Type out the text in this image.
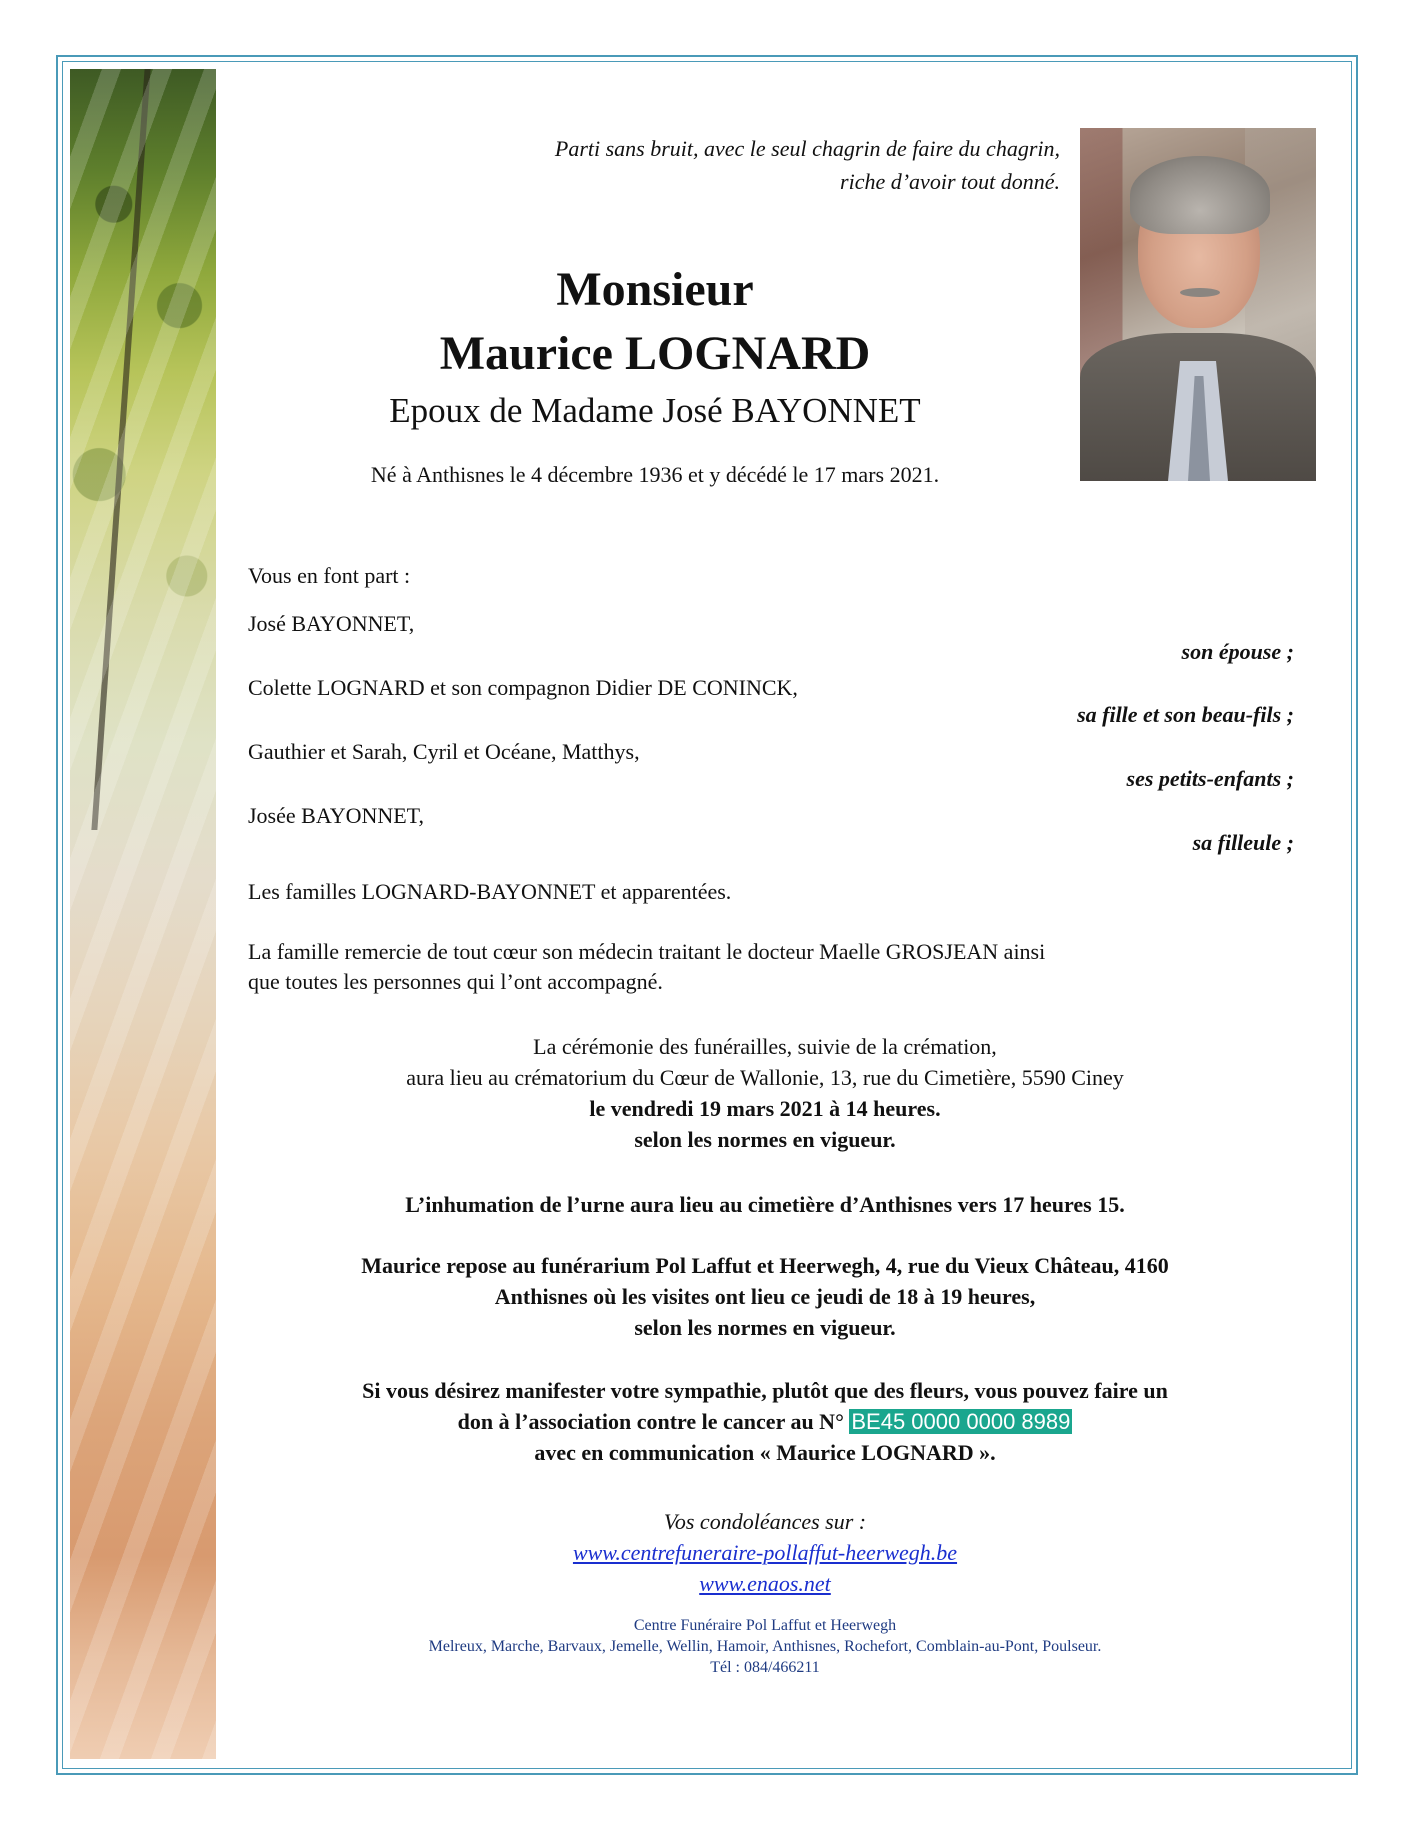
Parti sans bruit, avec le seul chagrin de faire du chagrin,
riche d’avoir tout donné.
Monsieur
Maurice LOGNARD
Epoux de Madame José BAYONNET
Né à Anthisnes le 4 décembre 1936 et y décédé le 17 mars 2021.
Vous en font part :
José BAYONNET,
son épouse ;
Colette LOGNARD et son compagnon Didier DE CONINCK,
sa fille et son beau-fils ;
Gauthier et Sarah, Cyril et Océane, Matthys,
ses petits-enfants ;
Josée BAYONNET,
sa filleule ;
Les familles LOGNARD-BAYONNET et apparentées.
La famille remercie de tout cœur son médecin traitant le docteur Maelle GROSJEAN ainsi
que toutes les personnes qui l’ont accompagné.
La cérémonie des funérailles, suivie de la crémation,
aura lieu au crématorium du Cœur de Wallonie, 13, rue du Cimetière, 5590 Ciney
le vendredi 19 mars 2021 à 14 heures.
selon les normes en vigueur.
L’inhumation de l’urne aura lieu au cimetière d’Anthisnes vers 17 heures 15.
Maurice repose au funérarium Pol Laffut et Heerwegh, 4, rue du Vieux Château, 4160
Anthisnes où les visites ont lieu ce jeudi de 18 à 19 heures,
selon les normes en vigueur.
Si vous désirez manifester votre sympathie, plutôt que des fleurs, vous pouvez faire un
don à l’association contre le cancer au N° BE45 0000 0000 8989
avec en communication « Maurice LOGNARD ».
Vos condoléances sur :
www.centrefuneraire-pollaffut-heerwegh.be
www.enaos.net
Centre Funéraire Pol Laffut et Heerwegh
Melreux, Marche, Barvaux, Jemelle, Wellin, Hamoir, Anthisnes, Rochefort, Comblain-au-Pont, Poulseur.
Tél : 084/466211
